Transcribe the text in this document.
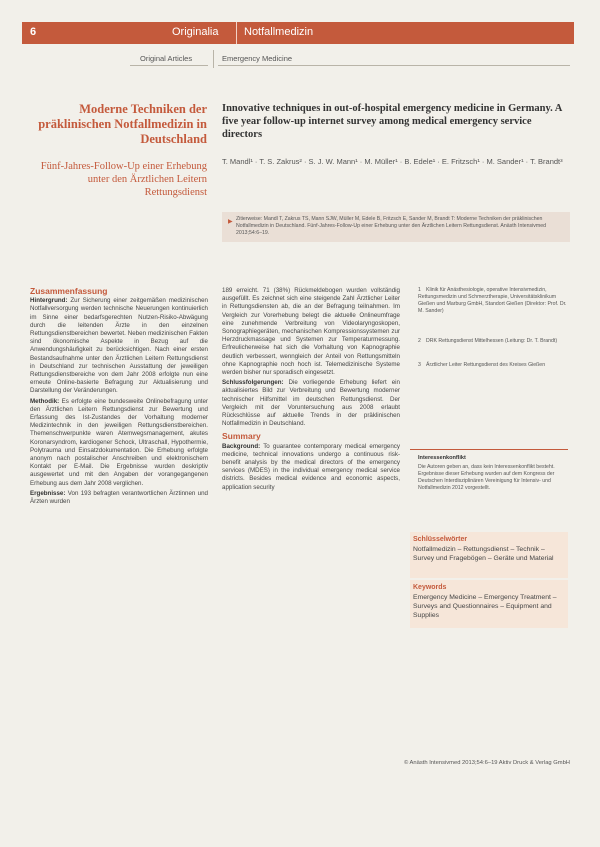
6	Originalia Notfallmedizin
Original Articles	Emergency Medicine
Moderne Techniken der präklinischen Notfallmedizin in Deutschland
Fünf-Jahres-Follow-Up einer Erhebung unter den Ärztlichen Leitern Rettungsdienst
Innovative techniques in out-of-hospital emergency medicine in Germany. A five year follow-up internet survey among medical emergency service directors
T. Mandl¹ · T. S. Zakrus² · S. J. W. Mann¹ · M. Müller¹ · B. Edele¹ · E. Fritzsch¹ · M. Sander¹ · T. Brandt³
▶ Zitierweise: Mandl T, Zakrus TS, Mann SJW, Müller M, Edele B, Fritzsch E, Sander M, Brandt T: Moderne Techniken der präklinischen Notfallmedizin in Deutschland. Fünf-Jahres-Follow-Up einer Erhebung unter den Ärztlichen Leitern Rettungsdienst. Anästh Intensivmed 2013;54:6–19.
Zusammenfassung

Hintergrund: Zur Sicherung einer zeitgemäßen medizinischen Notfallversorgung werden technische Neuerungen kontinuierlich im Sinne einer bedarfsgerechten Nutzen-Risiko-Abwägung durch die leitenden Ärzte in den einzelnen Rettungsdienstbereichen bewertet. Neben medizinischen Fakten sind ökonomische Aspekte in Bezug auf die Anwendungshäufigkeit zu berücksichtigen. Nach einer ersten Bestandsaufnahme unter den Ärztlichen Leitern Rettungsdienst in Deutschland zur technischen Ausstattung der jeweiligen Rettungsdienstbereiche von dem Jahr 2008 erfolgte nun eine erneute Online-basierte Befragung zur Aktualisierung und Darstellung der Veränderungen.

Methodik: Es erfolgte eine bundesweite Onlinebefragung unter den Ärztlichen Leitern Rettungsdienst zur Bewertung und Erfassung des Ist-Zustandes der Vorhaltung moderner Medizintechnik in den jeweiligen Rettungsdienstbereichen. Themenschwerpunkte waren Atemwegsmanagement, akutes Koronarsyndrom, kardiogener Schock, Ultraschall, Hypothermie, Polytrauma und Einsatzdokumentation. Die Erhebung erfolgte anonym nach postalischer Anschreiben und elektronischem Kontakt per E-Mail. Die Ergebnisse wurden deskriptiv ausgewertet und mit den Angaben der vorangegangenen Erhebung aus dem Jahr 2008 verglichen.

Ergebnisse: Von 193 befragten verantwortlichen Ärztinnen und Ärzten wurden

189 erreicht. 71 (38%) Rückmeldebogen wurden vollständig ausgefüllt. Es zeichnet sich eine steigende Zahl Ärztlicher Leiter in Rettungsdiensten ab, die an der Befragung teilnahmen. Im Vergleich zur Vorerhebung belegt die aktuelle Onlineumfrage eine zunehmende Verbreitung von Videolaryngoskopen, Sonographiegeräten, mechanischen Kompressionssystemen zur Herzdruckmassage und Systemen zur Temperaturmessung. Erfreulicherweise hat sich die Vorhaltung von Kapnographie deutlich verbessert, wenngleich der Anteil von Rettungsmitteln ohne Kapnographie noch hoch ist. Telemedizinische Systeme werden bisher nur sporadisch eingesetzt.

Schlussfolgerungen: Die vorliegende Erhebung liefert ein aktualisiertes Bild zur Verbreitung und Bewertung moderner technischer Hilfsmittel im deutschen Rettungsdienst. Der Vergleich mit der Voruntersuchung aus 2008 erlaubt Rückschlüsse auf aktuelle Trends in der präklinischen Notfallmedizin in Deutschland.

Summary

Background: To guarantee contemporary medical emergency medicine, technical innovations undergo a continuous risk-benefit analysis by the medical directors of the emergency services (MDES) in the individual emergency medical service districts. Besides medical evidence and economic aspects, application security

1 Klinik für Anästhesiologie, operative Intensivmedizin, Rettungsmedizin und Schmerztherapie, Universitätsklinikum Gießen und Marburg GmbH, Standort Gießen (Direktor: Prof. Dr. M. Sander)
2 DRK Rettungsdienst Mittelhessen (Leitung: Dr. T. Brandt)
3 Ärztlicher Leiter Rettungsdienst des Kreises Gießen
Interessenkonflikt
Die Autoren geben an, dass kein Interessenkonflikt besteht. Ergebnisse dieser Erhebung wurden auf dem Kongress der Deutschen Interdisziplinären Vereinigung für Intensiv- und Notfallmedizin 2012 vorgestellt.
Schlüsselwörter
Notfallmedizin – Rettungsdienst – Technik – Survey und Fragebögen – Geräte und Material
Keywords
Emergency Medicine – Emergency Treatment – Surveys and Questionnaires – Equipment and Supplies
© Anästh Intensivmed 2013;54:6–19 Aktiv Druck & Verlag GmbH
